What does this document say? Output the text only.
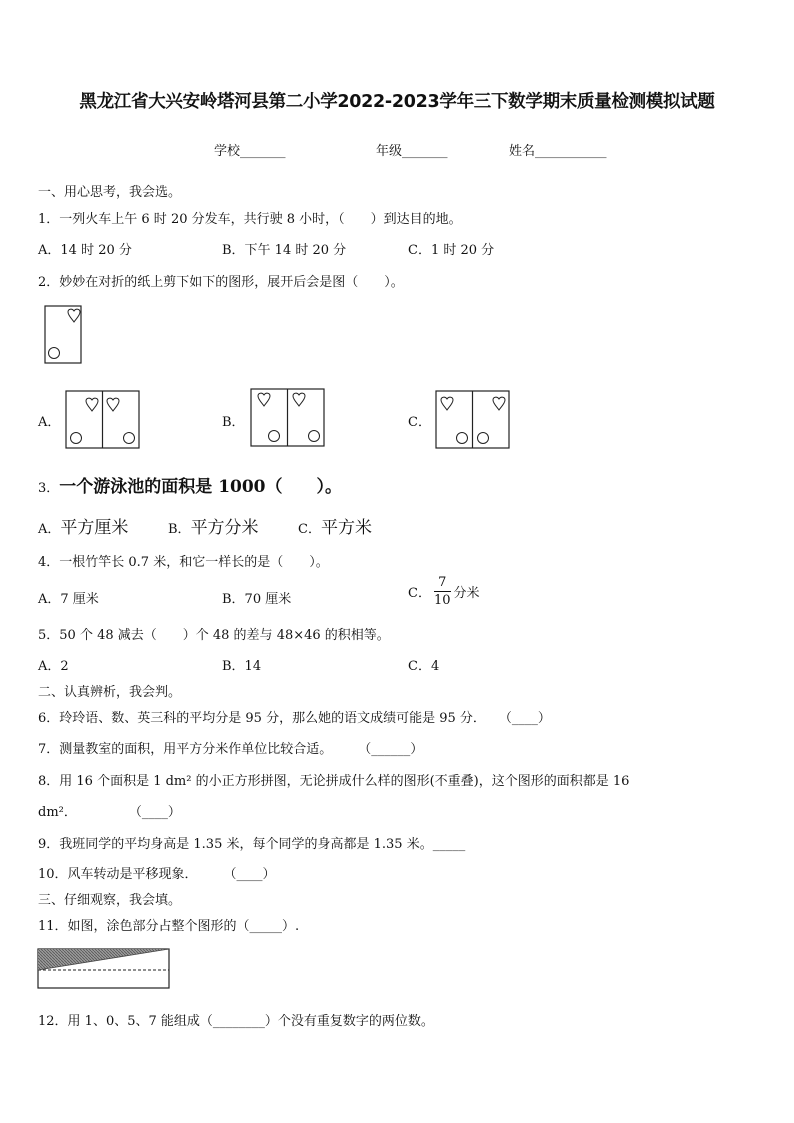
黑龙江省大兴安岭塔河县第二小学2022-2023学年三下数学期末质量检测模拟试题
学校_______	年级_______	姓名___________
一、用心思考，我会选。
1．一列火车上午 6 时 20 分发车，共行驶 8 小时，（　　）到达目的地。
A．14 时 20 分	B．下午 14 时 20 分	C．1 时 20 分
2．妙妙在对折的纸上剪下如下的图形，展开后会是图（　　）。
A．	B．	C．
3．一个游泳池的面积是 1000（　　）。
A．平方厘米	B．平方分米	C．平方米
4．一根竹竿长 0.7 米，和它一样长的是（　　）。
A．7 厘米	B．70 厘米	C． $\frac{7}{10}$ 分米
5．50 个 48 减去（　　）个 48 的差与 48×46 的积相等。
A．2	B．14	C．4
二、认真辨析，我会判。
6．玲玲语、数、英三科的平均分是 95 分，那么她的语文成绩可能是 95 分．　　（____）
7．测量教室的面积，用平方分米作单位比较合适。　　　（______）
8．用 16 个面积是 1 dm² 的小正方形拼图，无论拼成什么样的图形(不重叠)，这个图形的面积都是 16
dm²．　　　　　（____）
9．我班同学的平均身高是 1.35 米，每个同学的身高都是 1.35 米。_____
10．风车转动是平移现象．　　　（____）
三、仔细观察，我会填。
11．如图，涂色部分占整个图形的（_____）.
12．用 1、0、5、7 能组成（________）个没有重复数字的两位数。
